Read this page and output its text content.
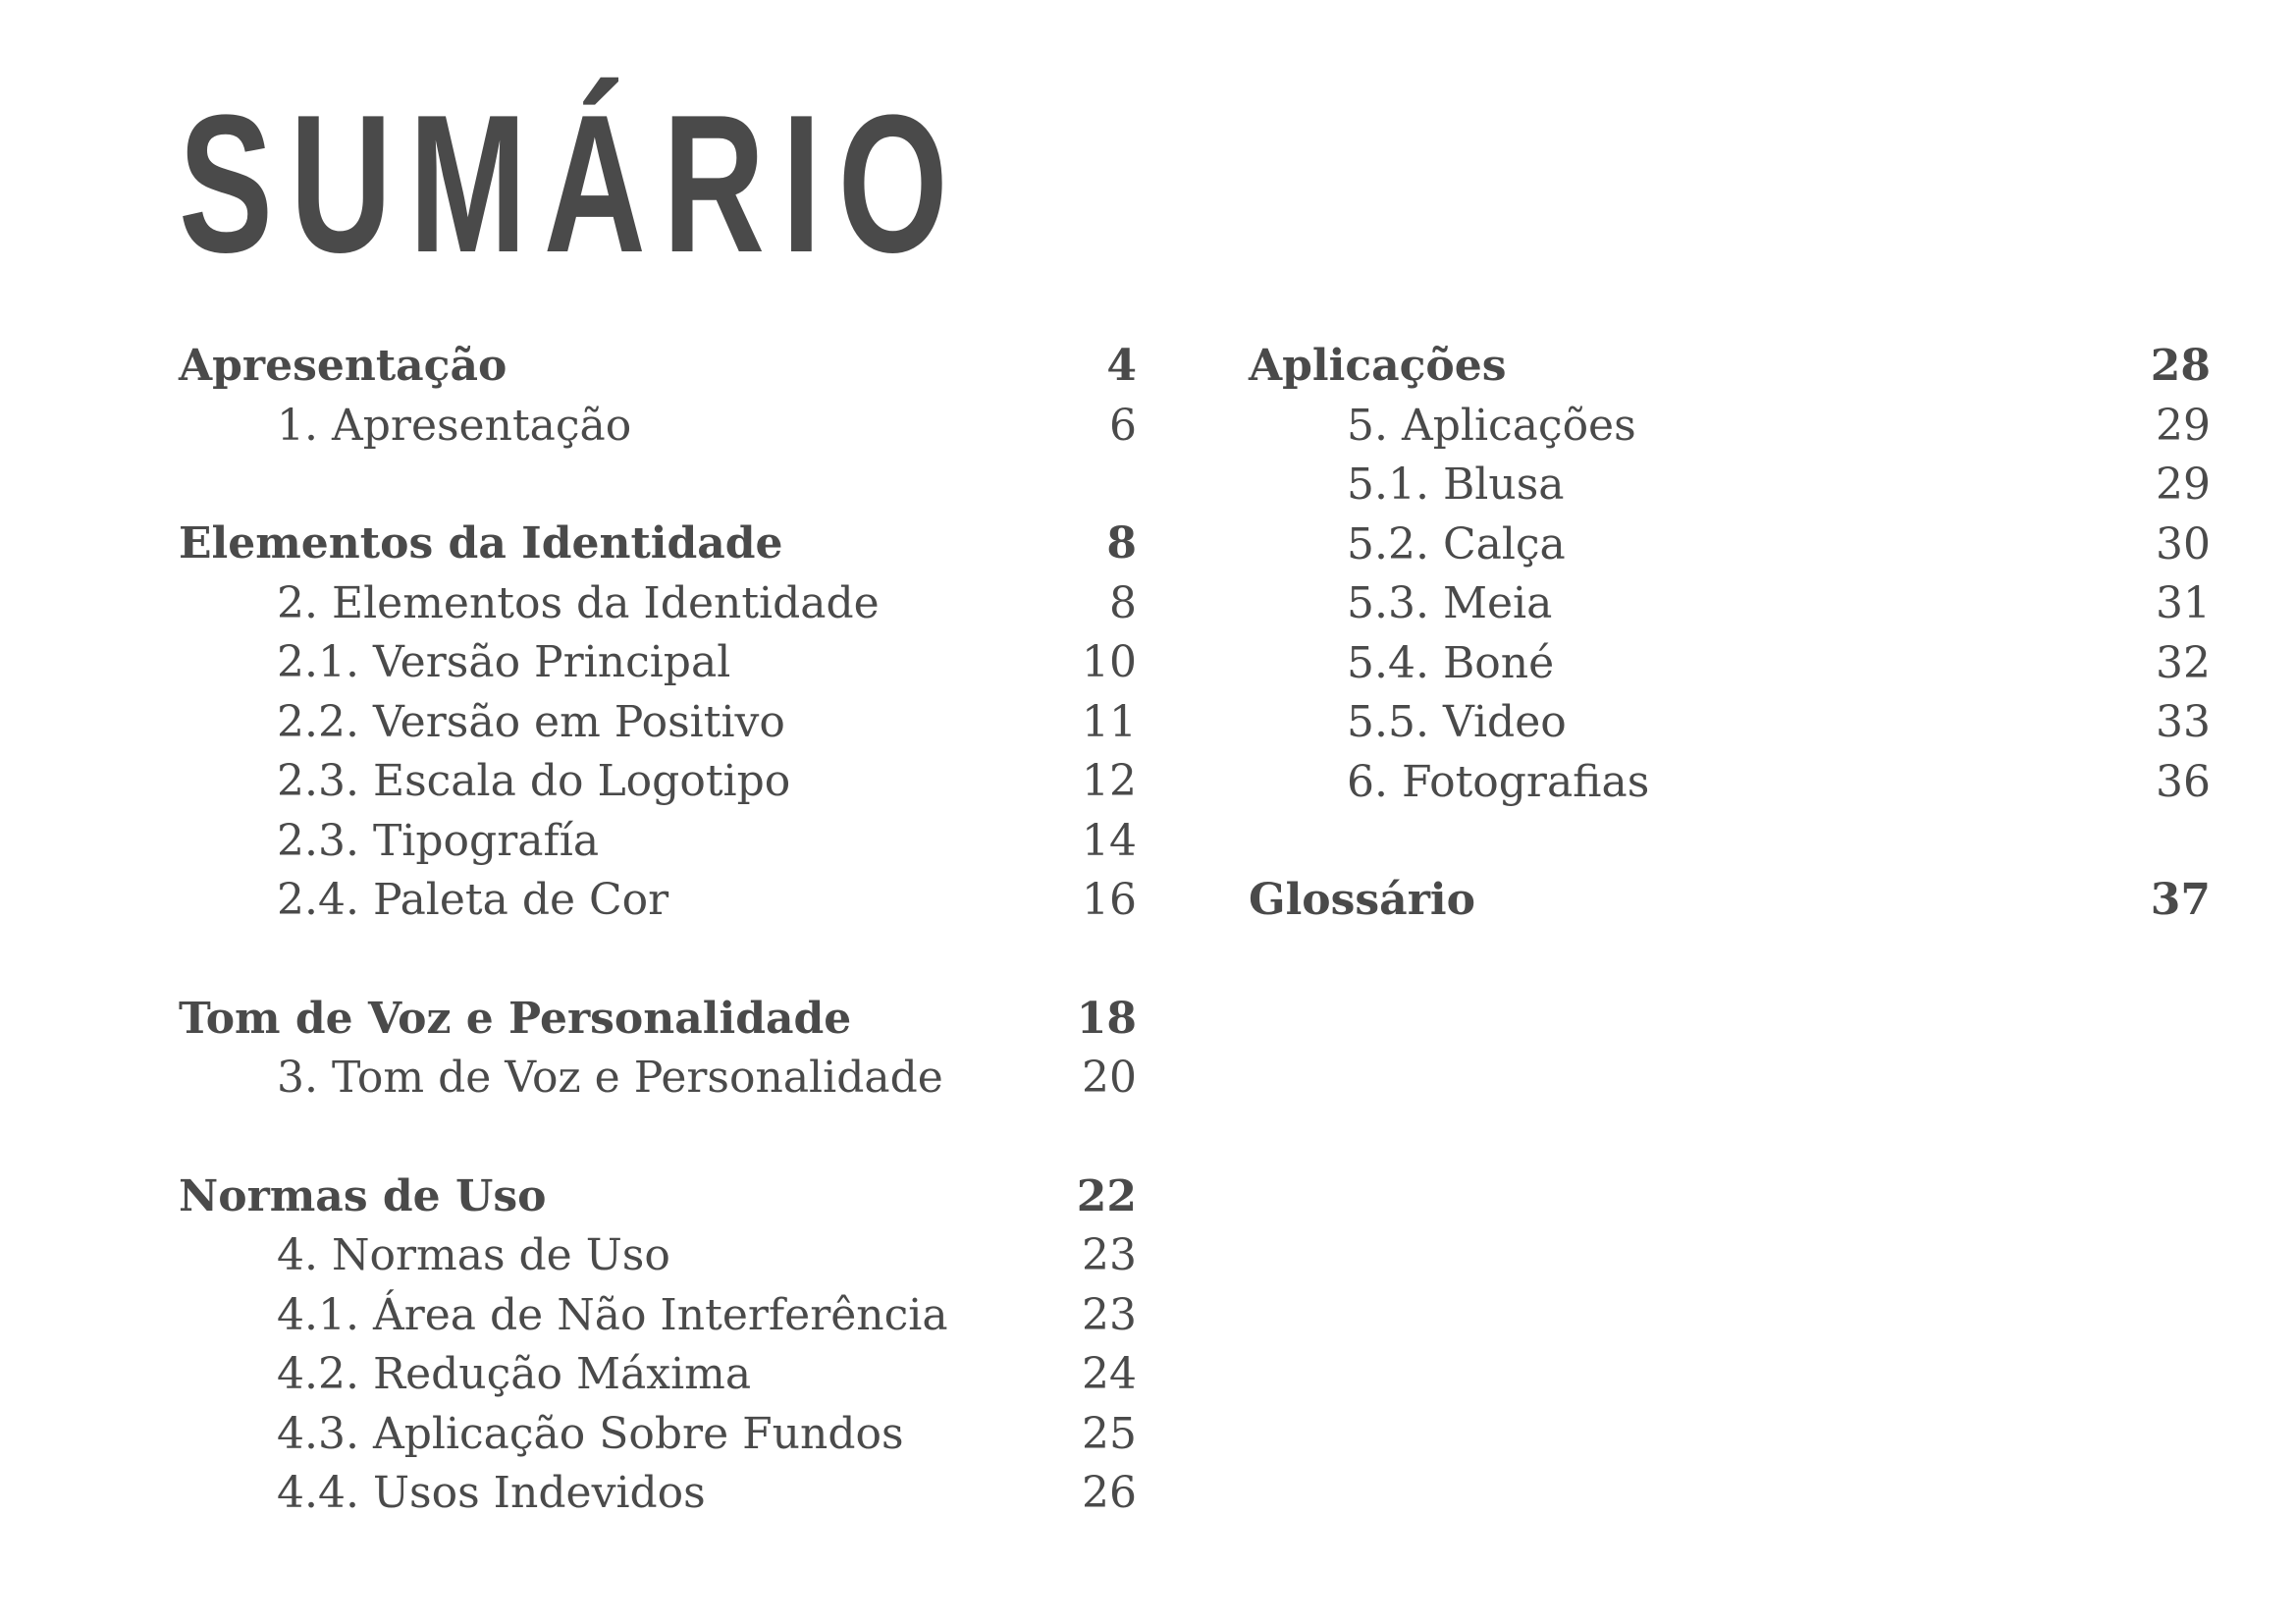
SUMÁRIO
Apresentação	4
1. Apresentação	6
Elementos da Identidade	8
2. Elementos da Identidade	8
2.1. Versão Principal	10
2.2. Versão em Positivo	11
2.3. Escala do Logotipo	12
2.3. Tipografía	14
2.4. Paleta de Cor	16
Tom de Voz e Personalidade	18
3. Tom de Voz e Personalidade	20
Normas de Uso	22
4. Normas de Uso	23
4.1. Área de Não Interferência	23
4.2. Redução Máxima	24
4.3. Aplicação Sobre Fundos	25
4.4. Usos Indevidos	26
Aplicações	28
5. Aplicações	29
5.1. Blusa	29
5.2. Calça	30
5.3. Meia	31
5.4. Boné	32
5.5. Video	33
6. Fotografias	36
Glossário	37
